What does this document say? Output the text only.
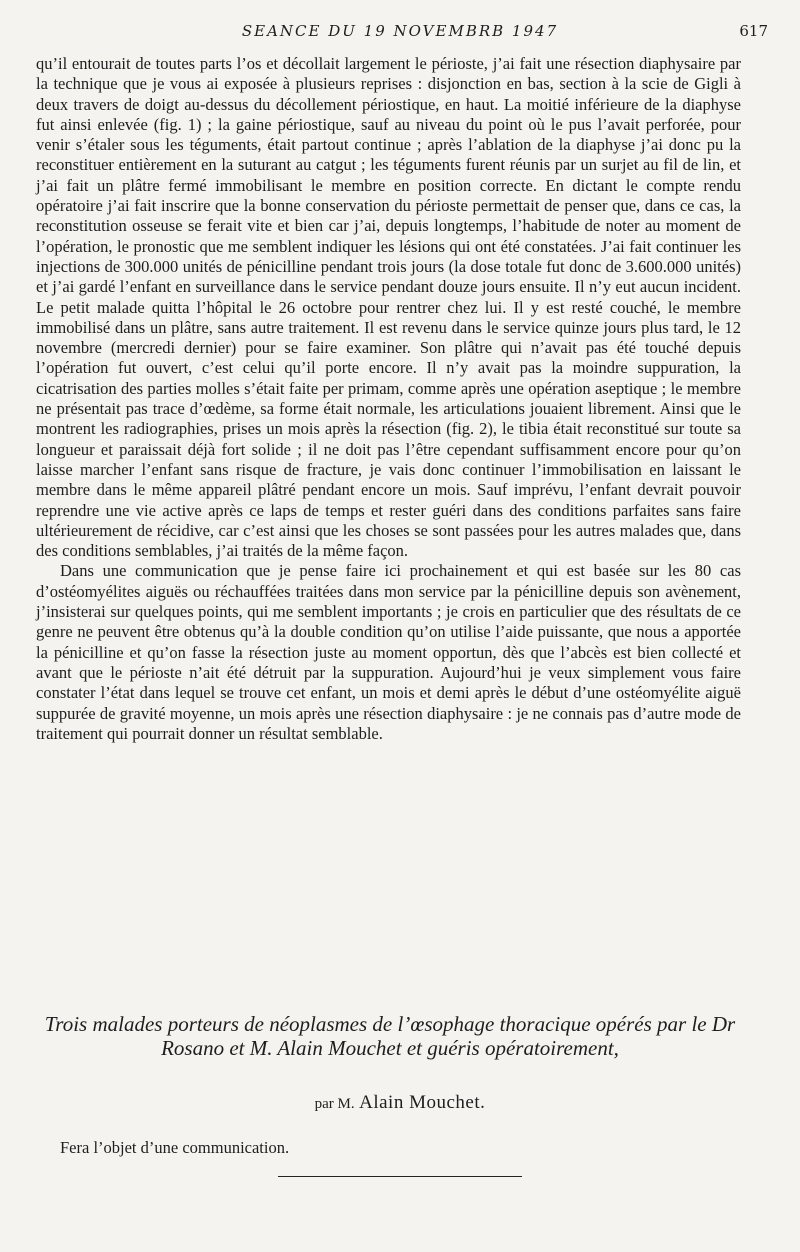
SEANCE DU 19 NOVEMBRB 1947	617

qu’il entourait de toutes parts l’os et décollait largement le périoste, j’ai fait une résection diaphysaire par la technique que je vous ai exposée à plusieurs reprises : disjonction en bas, section à la scie de Gigli à deux travers de doigt au-dessus du décollement périostique, en haut. La moitié inférieure de la diaphyse fut ainsi enlevée (fig. 1) ; la gaine périostique, sauf au niveau du point où le pus l’avait perforée, pour venir s’étaler sous les téguments, était partout continue ; après l’ablation de la diaphyse j’ai donc pu la reconstituer entièrement en la suturant au catgut ; les téguments furent réunis par un surjet au fil de lin, et j’ai fait un plâtre fermé immobilisant le membre en position correcte. En dictant le compte rendu opératoire j’ai fait inscrire que la bonne conservation du périoste permettait de penser que, dans ce cas, la reconstitution osseuse se ferait vite et bien car j’ai, depuis longtemps, l’habitude de noter au moment de l’opération, le pronostic que me semblent indiquer les lésions qui ont été constatées. J’ai fait continuer les injections de 300.000 unités de pénicilline pendant trois jours (la dose totale fut donc de 3.600.000 unités) et j’ai gardé l’enfant en surveillance dans le service pendant douze jours ensuite. Il n’y eut aucun incident. Le petit malade quitta l’hôpital le 26 octobre pour rentrer chez lui. Il y est resté couché, le membre immobilisé dans un plâtre, sans autre traitement. Il est revenu dans le service quinze jours plus tard, le 12 novembre (mercredi dernier) pour se faire examiner. Son plâtre qui n’avait pas été touché depuis l’opération fut ouvert, c’est celui qu’il porte encore. Il n’y avait pas la moindre suppuration, la cicatrisation des parties molles s’était faite per primam, comme après une opération aseptique ; le membre ne présentait pas trace d’œdème, sa forme était normale, les articulations jouaient librement. Ainsi que le montrent les radiographies, prises un mois après la résection (fig. 2), le tibia était reconstitué sur toute sa longueur et paraissait déjà fort solide ; il ne doit pas l’être cependant suffisamment encore pour qu’on laisse marcher l’enfant sans risque de fracture, je vais donc continuer l’immobilisation en laissant le membre dans le même appareil plâtré pendant encore un mois. Sauf imprévu, l’enfant devrait pouvoir reprendre une vie active après ce laps de temps et rester guéri dans des conditions parfaites sans faire ultérieurement de récidive, car c’est ainsi que les choses se sont passées pour les autres malades que, dans des conditions semblables, j’ai traités de la même façon.

Dans une communication que je pense faire ici prochainement et qui est basée sur les 80 cas d’ostéomyélites aiguës ou réchauffées traitées dans mon service par la pénicilline depuis son avènement, j’insisterai sur quelques points, qui me semblent importants ; je crois en particulier que des résultats de ce genre ne peuvent être obtenus qu’à la double condition qu’on utilise l’aide puissante, que nous a apportée la pénicilline et qu’on fasse la résection juste au moment opportun, dès que l’abcès est bien collecté et avant que le périoste n’ait été détruit par la suppuration. Aujourd’hui je veux simplement vous faire constater l’état dans lequel se trouve cet enfant, un mois et demi après le début d’une ostéomyélite aiguë suppurée de gravité moyenne, un mois après une résection diaphysaire : je ne connais pas d’autre mode de traitement qui pourrait donner un résultat semblable.

Trois malades porteurs de néoplasmes de l’œsophage thoracique opérés par le Dr Rosano et M. Alain Mouchet et guéris opératoirement,
par M. Alain Mouchet.
Fera l’objet d’une communication.
